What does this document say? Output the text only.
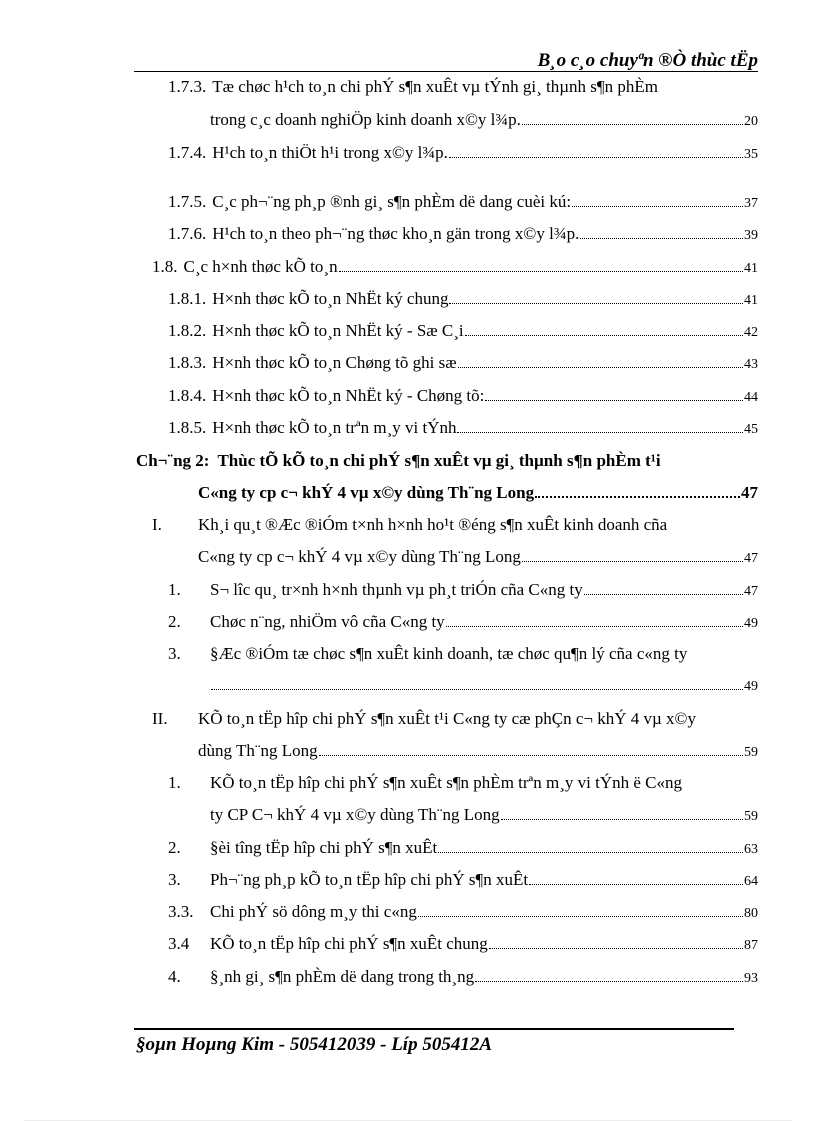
B¸o c¸o chuyªn ®Ò thùc tËp
1.7.3. Tæ chøc h¹ch to¸n chi phÝ s¶n xuÊt vµ tÝnh gi¸ thµnh s¶n phÈm
trong c¸c doanh nghiÖp kinh doanh x©y l¾p.	20
1.7.4. H¹ch to¸n thiÖt h¹i trong x©y l¾p.	35
1.7.5. C¸c ph¬¨ng ph¸p ®nh gi¸ s¶n phÈm dë dang cuèi kú:	37
1.7.6. H¹ch to¸n theo ph¬¨ng thøc kho¸n gän trong x©y l¾p.	39
1.8. C¸c h×nh thøc kÕ to¸n	41
1.8.1. H×nh thøc kÕ to¸n NhËt ký chung	41
1.8.2. H×nh thøc kÕ to¸n NhËt ký - Sæ C¸i	42
1.8.3. H×nh thøc kÕ to¸n Chøng tõ ghi sæ	43
1.8.4. H×nh thøc kÕ to¸n NhËt ký - Chøng tõ:	44
1.8.5. H×nh thøc kÕ to¸n trªn m¸y vi tÝnh	45
Ch¬¨ng 2: Thùc tÕ kÕ to¸n chi phÝ s¶n xuÊt vµ gi¸ thµnh s¶n phÈm t¹i
C«ng ty cp c¬ khÝ 4 vµ x©y dùng Th¨ng Long	47
I.	Kh¸i qu¸t ®Æc ®iÓm t×nh h×nh ho¹t ®éng s¶n xuÊt kinh doanh cña
C«ng ty cp c¬ khÝ 4 vµ x©y dùng Th¨ng Long	47
1.	S¬ lîc qu¸ tr×nh h×nh thµnh vµ ph¸t triÓn cña C«ng ty	47
2.	Chøc n¨ng, nhiÖm vô cña C«ng ty	49
3.	§Æc ®iÓm tæ chøc s¶n xuÊt kinh doanh, tæ chøc qu¶n lý cña c«ng ty
49
II.	KÕ to¸n tËp hîp chi phÝ s¶n xuÊt t¹i C«ng ty cæ phÇn c¬ khÝ 4 vµ x©y
dùng Th¨ng Long	59
1.	KÕ to¸n tËp hîp chi phÝ s¶n xuÊt s¶n phÈm trªn m¸y vi tÝnh ë C«ng
ty CP C¬ khÝ 4 vµ x©y dùng Th¨ng Long	59
2.	§èi tîng tËp hîp chi phÝ s¶n xuÊt	63
3.	Ph¬¨ng ph¸p kÕ to¸n tËp hîp chi phÝ s¶n xuÊt	64
3.3. Chi phÝ sö dông m¸y thi c«ng	80
3.4	KÕ to¸n tËp hîp chi phÝ s¶n xuÊt chung	87
4.	§¸nh gi¸ s¶n phÈm dë dang trong th¸ng	93
§oµn Hoµng Kim - 505412039 - Líp 505412A
